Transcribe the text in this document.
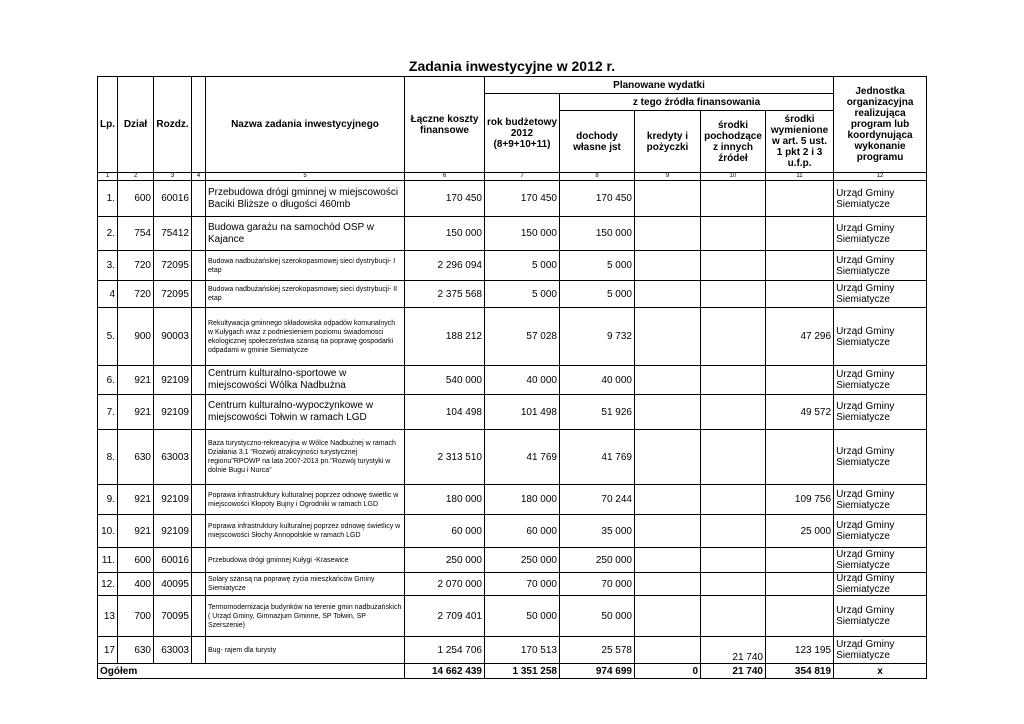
Zadania inwestycyjne w 2012 r.
Lp.	Dział	Rozdz.		Nazwa zadania inwestycyjnego	Łączne koszty finansowe	Planowane wydatki					Jednostka organizacyjna realizująca program lub koordynująca wykonanie programu
						rok budżetowy 2012 (8+9+10+11)	z tego źródła finansowania				
							dochody własne jst	kredyty i pożyczki	środki pochodzące z innych źródeł	środki wymienione w art. 5 ust. 1 pkt 2 i 3 u.f.p.	
1	2	3	4	5	6	7	8	9	10	11	12
1.	600	60016		Przebudowa drógi gminnej w miejscowości Baciki Bliższe o długości 460mb	170 450	170 450	170 450				Urząd Gminy Siemiatycze
2.	754	75412		Budowa garażu na samochód OSP w Kajance	150 000	150 000	150 000				Urząd Gminy Siemiatycze
3.	720	72095		Budowa nadbużańskiej szerokopasmowej sieci dystrybucji- I etap	2 296 094	5 000	5 000				Urząd Gminy Siemiatycze
4	720	72095		Budowa nadbużańskiej szerokopasmowej sieci dystrybucji- II etap	2 375 568	5 000	5 000				Urząd Gminy Siemiatycze
5.	900	90003		Rekultywacja gminnego składowiska odpadów komunalnych w Kułygach wraz z podniesieniem poziomu świadomosci ekologicznej społeczeństwa szansą na poprawę gospodarki odpadami w gminie Siemiatycze	188 212	57 028	9 732			47 296	Urząd Gminy Siemiatycze
6.	921	92109		Centrum kulturalno-sportowe w miejscowości Wólka Nadbużna	540 000	40 000	40 000				Urząd Gminy Siemiatycze
7.	921	92109		Centrum kulturalno-wypoczynkowe w miejscowości Tołwin w ramach LGD	104 498	101 498	51 926			49 572	Urząd Gminy Siemiatycze
8.	630	63003		Baza turystyczno-rekreacyjna w Wólce Nadbużnej w ramach Działania 3.1 "Rozwój atrakcyjności turystycznej regionu"RPOWP na lata 2007-2013 pn."Rozwój turystyki w dolnie Bugu i Nurca"	2 313 510	41 769	41 769				Urząd Gminy Siemiatycze
9.	921	92109		Poprawa infrastrukltury kulturalnej poprzez odnowę świetlic w miejscowości Kłopoty Bujny i Ogrodniki w ramach LGD	180 000	180 000	70 244			109 756	Urząd Gminy Siemiatycze
10.	921	92109		Poprawa infrastruktury kulturalnej poprzez odnowę świetlicy w miejscowości Słochy Annopolskie w ramach LGD	60 000	60 000	35 000			25 000	Urząd Gminy Siemiatycze
11.	600	60016		Przebudowa drógi gminnej Kułygi -Krasewice	250 000	250 000	250 000				Urząd Gminy Siemiatycze
12.	400	40095		Solary szansą na poprawę życia mieszkańców Gminy Siemiatycze	2 070 000	70 000	70 000				Urząd Gminy Siemiatycze
13	700	70095		Termomodernizacja budynków na terenie gmin nadbużańskich ( Urząd Gminy, Gimnazjum Gminne, SP Tołwin, SP Szerszenie)	2 709 401	50 000	50 000				Urząd Gminy Siemiatycze
17	630	63003		Bug- rajem dla turysty	1 254 706	170 513	25 578		21 740	123 195	Urząd Gminy Siemiatycze
Ogółem					14 662 439	1 351 258	974 699	0	21 740	354 819	x
